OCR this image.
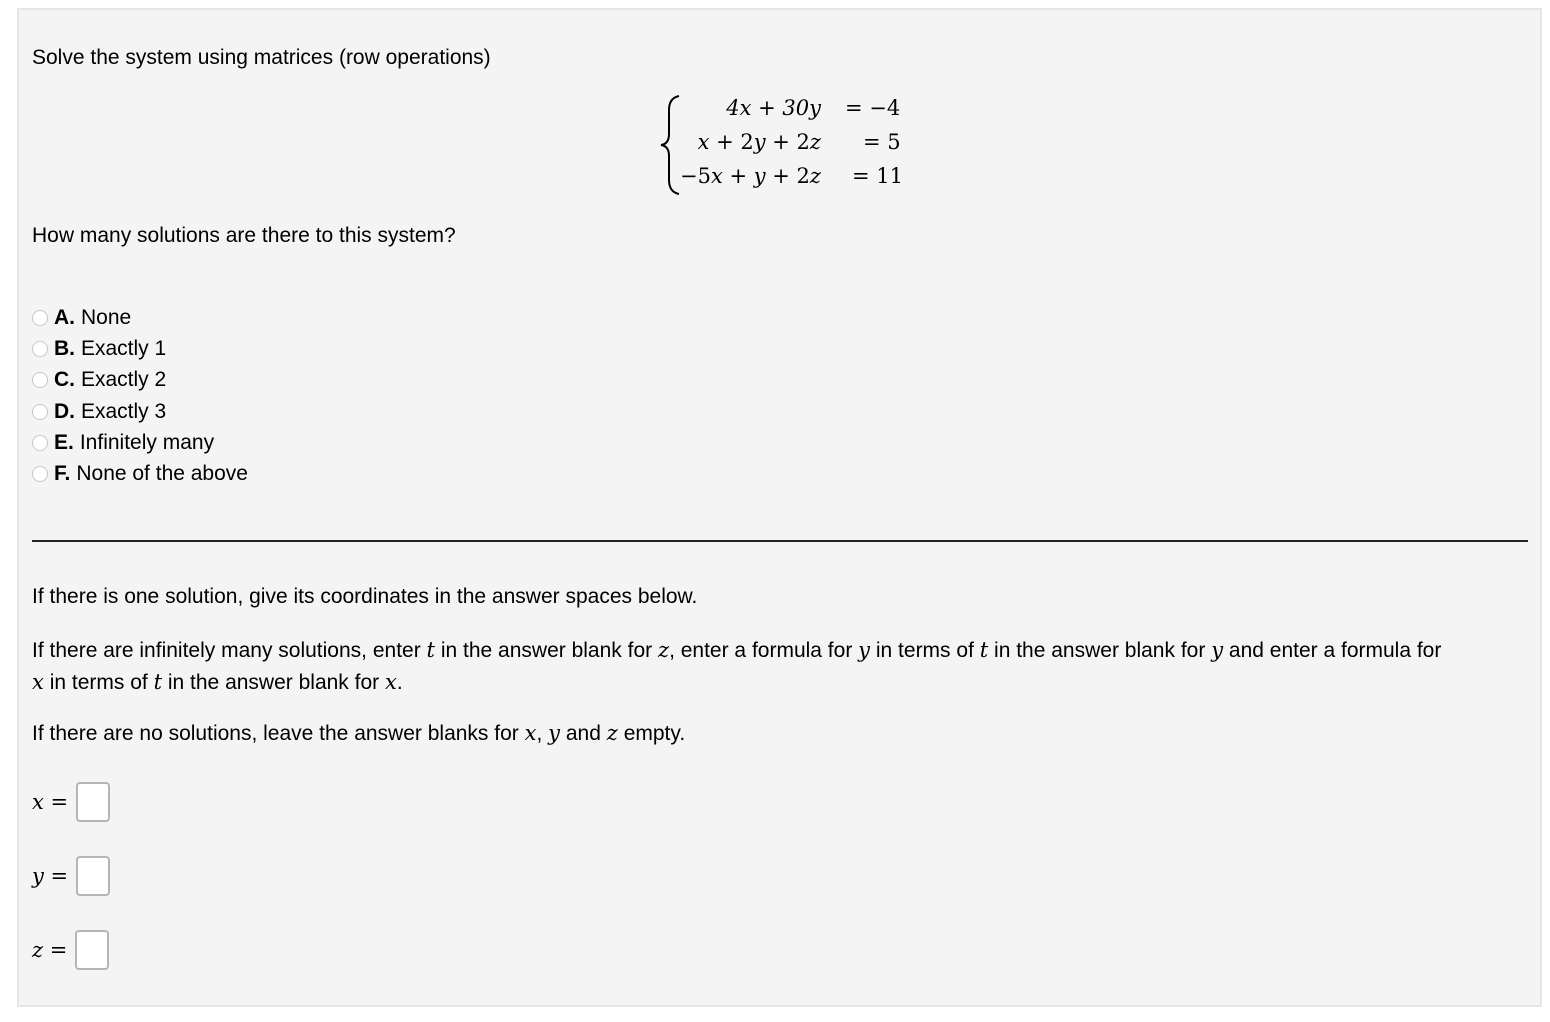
Solve the system using matrices (row operations)
4x + 30y = −4
x + 2y + 2z = 5
−5x + y + 2z = 11
How many solutions are there to this system?
A. None
B. Exactly 1
C. Exactly 2
D. Exactly 3
E. Infinitely many
F. None of the above
If there is one solution, give its coordinates in the answer spaces below.
If there are infinitely many solutions, enter t in the answer blank for z, enter a formula for y in terms of t in the answer blank for y and enter a formula for
x in terms of t in the answer blank for x.
If there are no solutions, leave the answer blanks for x, y and z empty.
x =
y =
z =
